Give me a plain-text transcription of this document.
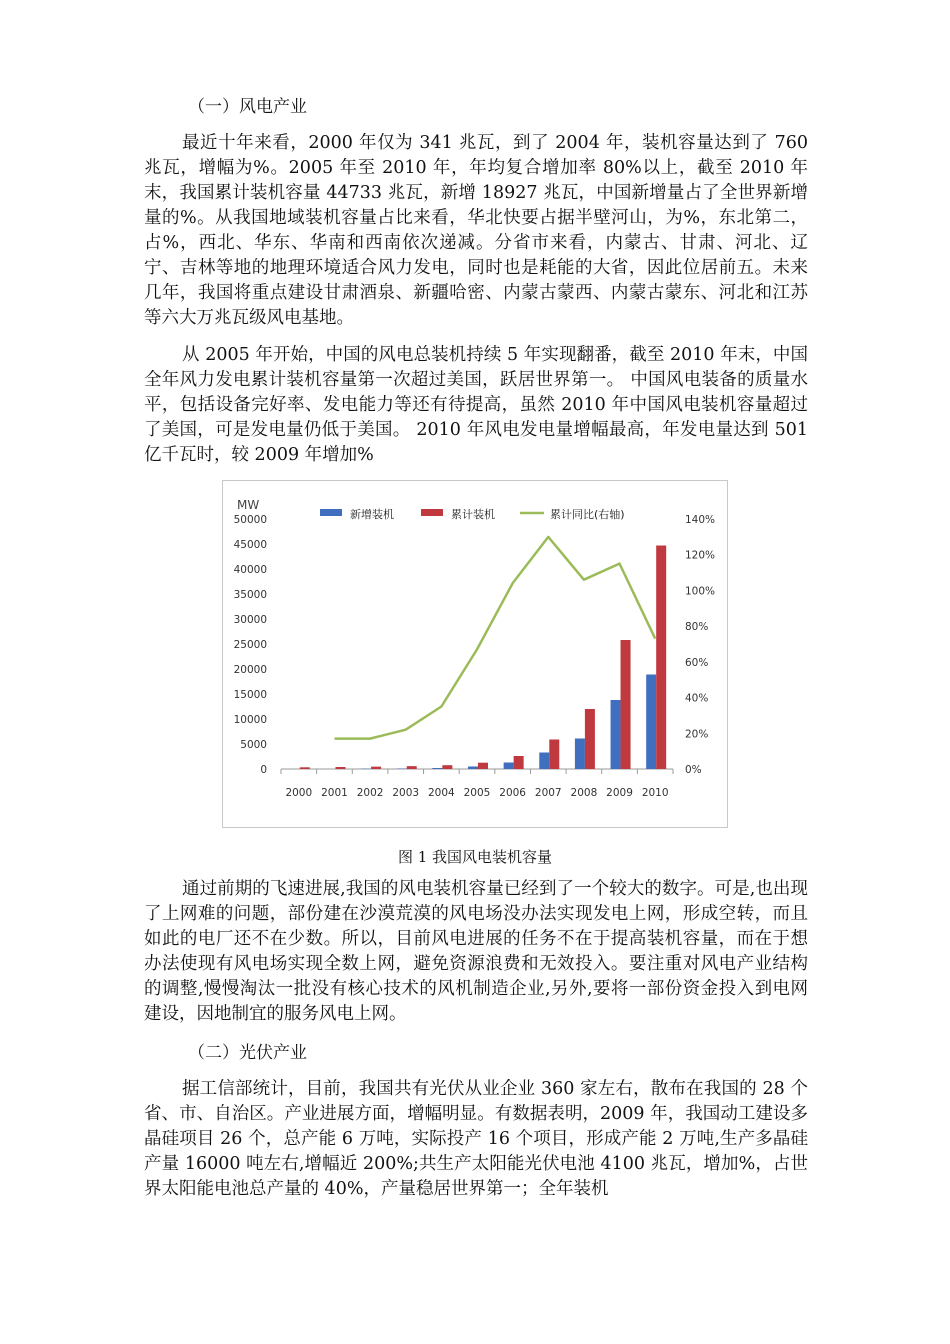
（一）风电产业
最近十年来看，2000 年仅为 341 兆瓦，到了 2004 年，装机容量达到了 760 兆瓦，增幅为%。2005 年至 2010 年，年均复合增加率 80%以上，截至 2010 年末，我国累计装机容量 44733 兆瓦，新增 18927 兆瓦，中国新增量占了全世界新增量的%。从我国地域装机容量占比来看，华北快要占据半壁河山，为%，东北第二，占%，西北、华东、华南和西南依次递减。分省市来看，内蒙古、甘肃、河北、辽宁、吉林等地的地理环境适合风力发电，同时也是耗能的大省，因此位居前五。未来几年，我国将重点建设甘肃酒泉、新疆哈密、内蒙古蒙西、内蒙古蒙东、河北和江苏等六大万兆瓦级风电基地。
从 2005 年开始，中国的风电总装机持续 5 年实现翻番，截至 2010 年末，中国全年风力发电累计装机容量第一次超过美国，跃居世界第一。 中国风电装备的质量水平，包括设备完好率、发电能力等还有待提高，虽然 2010 年中国风电装机容量超过了美国，可是发电量仍低于美国。 2010 年风电发电量增幅最高，年发电量达到 501 亿千瓦时，较 2009 年增加%
MW
0
5000
10000
15000
20000
25000
30000
35000
40000
45000
50000
0%
20%
40%
60%
80%
100%
120%
140%
2000 2001 2002 2003 2004 2005 2006 2007 2008 2009 2010
新增装机	累计装机	累计同比(右轴)
图 1 我国风电装机容量
通过前期的飞速进展,我国的风电装机容量已经到了一个较大的数字。可是,也出现了上网难的问题，部份建在沙漠荒漠的风电场没办法实现发电上网，形成空转，而且如此的电厂还不在少数。所以，目前风电进展的任务不在于提高装机容量，而在于想办法使现有风电场实现全数上网，避免资源浪费和无效投入。要注重对风电产业结构的调整,慢慢淘汰一批没有核心技术的风机制造企业,另外,要将一部份资金投入到电网建设，因地制宜的服务风电上网。
（二）光伏产业
据工信部统计，目前，我国共有光伏从业企业 360 家左右，散布在我国的 28 个省、市、自治区。产业进展方面，增幅明显。有数据表明，2009 年，我国动工建设多晶硅项目 26 个，总产能 6 万吨，实际投产 16 个项目，形成产能 2 万吨,生产多晶硅产量 16000 吨左右,增幅近 200%;共生产太阳能光伏电池 4100 兆瓦，增加%，占世界太阳能电池总产量的 40%，产量稳居世界第一；全年装机
